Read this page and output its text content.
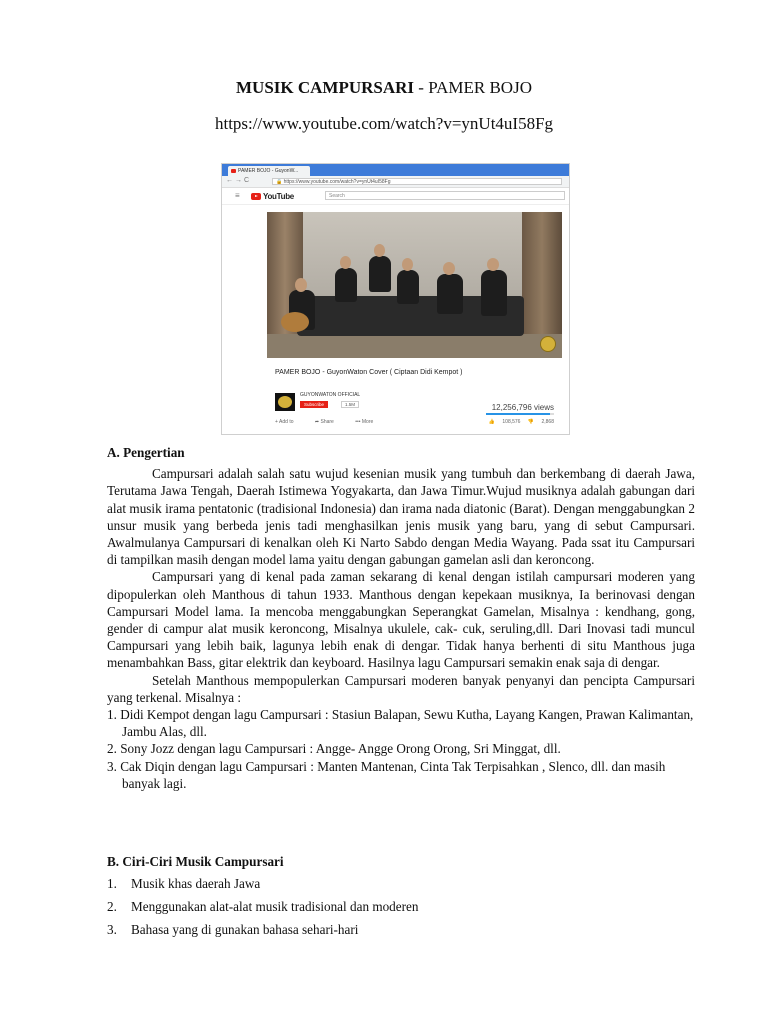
MUSIK CAMPURSARI - PAMER BOJO
https://www.youtube.com/watch?v=ynUt4uI58Fg
PAMER BOJO - GuyonW...
←→C	🔒 https://www.youtube.com/watch?v=ynUt4uI58Fg
≡	YouTube	Search
PAMER BOJO - GuyonWaton Cover ( Ciptaan Didi Kempot )
GUYONWATON OFFICIAL
Subscribe	1.5M	12,256,796 views
+ Add to	➦ Share	••• More	👍 108,576 👎 2,868
A. Pengertian

Campursari adalah salah satu wujud kesenian musik yang tumbuh dan berkembang di daerah Jawa, Terutama Jawa Tengah, Daerah Istimewa Yogyakarta, dan Jawa Timur.Wujud musiknya adalah gabungan dari alat musik irama pentatonic (tradisional Indonesia) dan irama nada diatonic (Barat). Dengan menggabungkan 2 unsur musik yang berbeda jenis tadi menghasilkan jenis musik yang baru, yang di sebut Campursari. Awalmulanya Campursari di kenalkan oleh Ki Narto Sabdo dengan Media Wayang. Pada ssat itu Campursari di tampilkan masih dengan model lama yaitu dengan gabungan gamelan asli dan keroncong.

Campursari yang di kenal pada zaman sekarang di kenal dengan istilah campursari moderen yang dipopulerkan oleh Manthous di tahun 1933. Manthous dengan kepekaan musiknya, Ia berinovasi dengan Campursari Model lama. Ia mencoba menggabungkan Seperangkat Gamelan, Misalnya : kendhang, gong, gender di campur alat musik keroncong, Misalnya ukulele, cak- cuk, seruling,dll. Dari Inovasi tadi muncul Campursari yang lebih baik, lagunya lebih enak di dengar. Tidak hanya berhenti di situ Manthous juga menambahkan Bass, gitar elektrik dan keyboard. Hasilnya lagu Campursari semakin enak saja di dengar.

Setelah Manthous mempopulerkan Campursari moderen banyak penyanyi dan pencipta Campursari yang terkenal. Misalnya :

1. Didi Kempot dengan lagu Campursari : Stasiun Balapan, Sewu Kutha, Layang Kangen, Prawan Kalimantan, Jambu Alas, dll.

2. Sony Jozz dengan lagu Campursari : Angge- Angge Orong Orong, Sri Minggat, dll.

3. Cak Diqin dengan lagu Campursari : Manten Mantenan, Cinta Tak Terpisahkan , Slenco, dll. dan masih banyak lagi.

B. Ciri-Ciri Musik Campursari
1. Musik khas daerah Jawa
2. Menggunakan alat-alat musik tradisional dan moderen
3. Bahasa yang di gunakan bahasa sehari-hari
